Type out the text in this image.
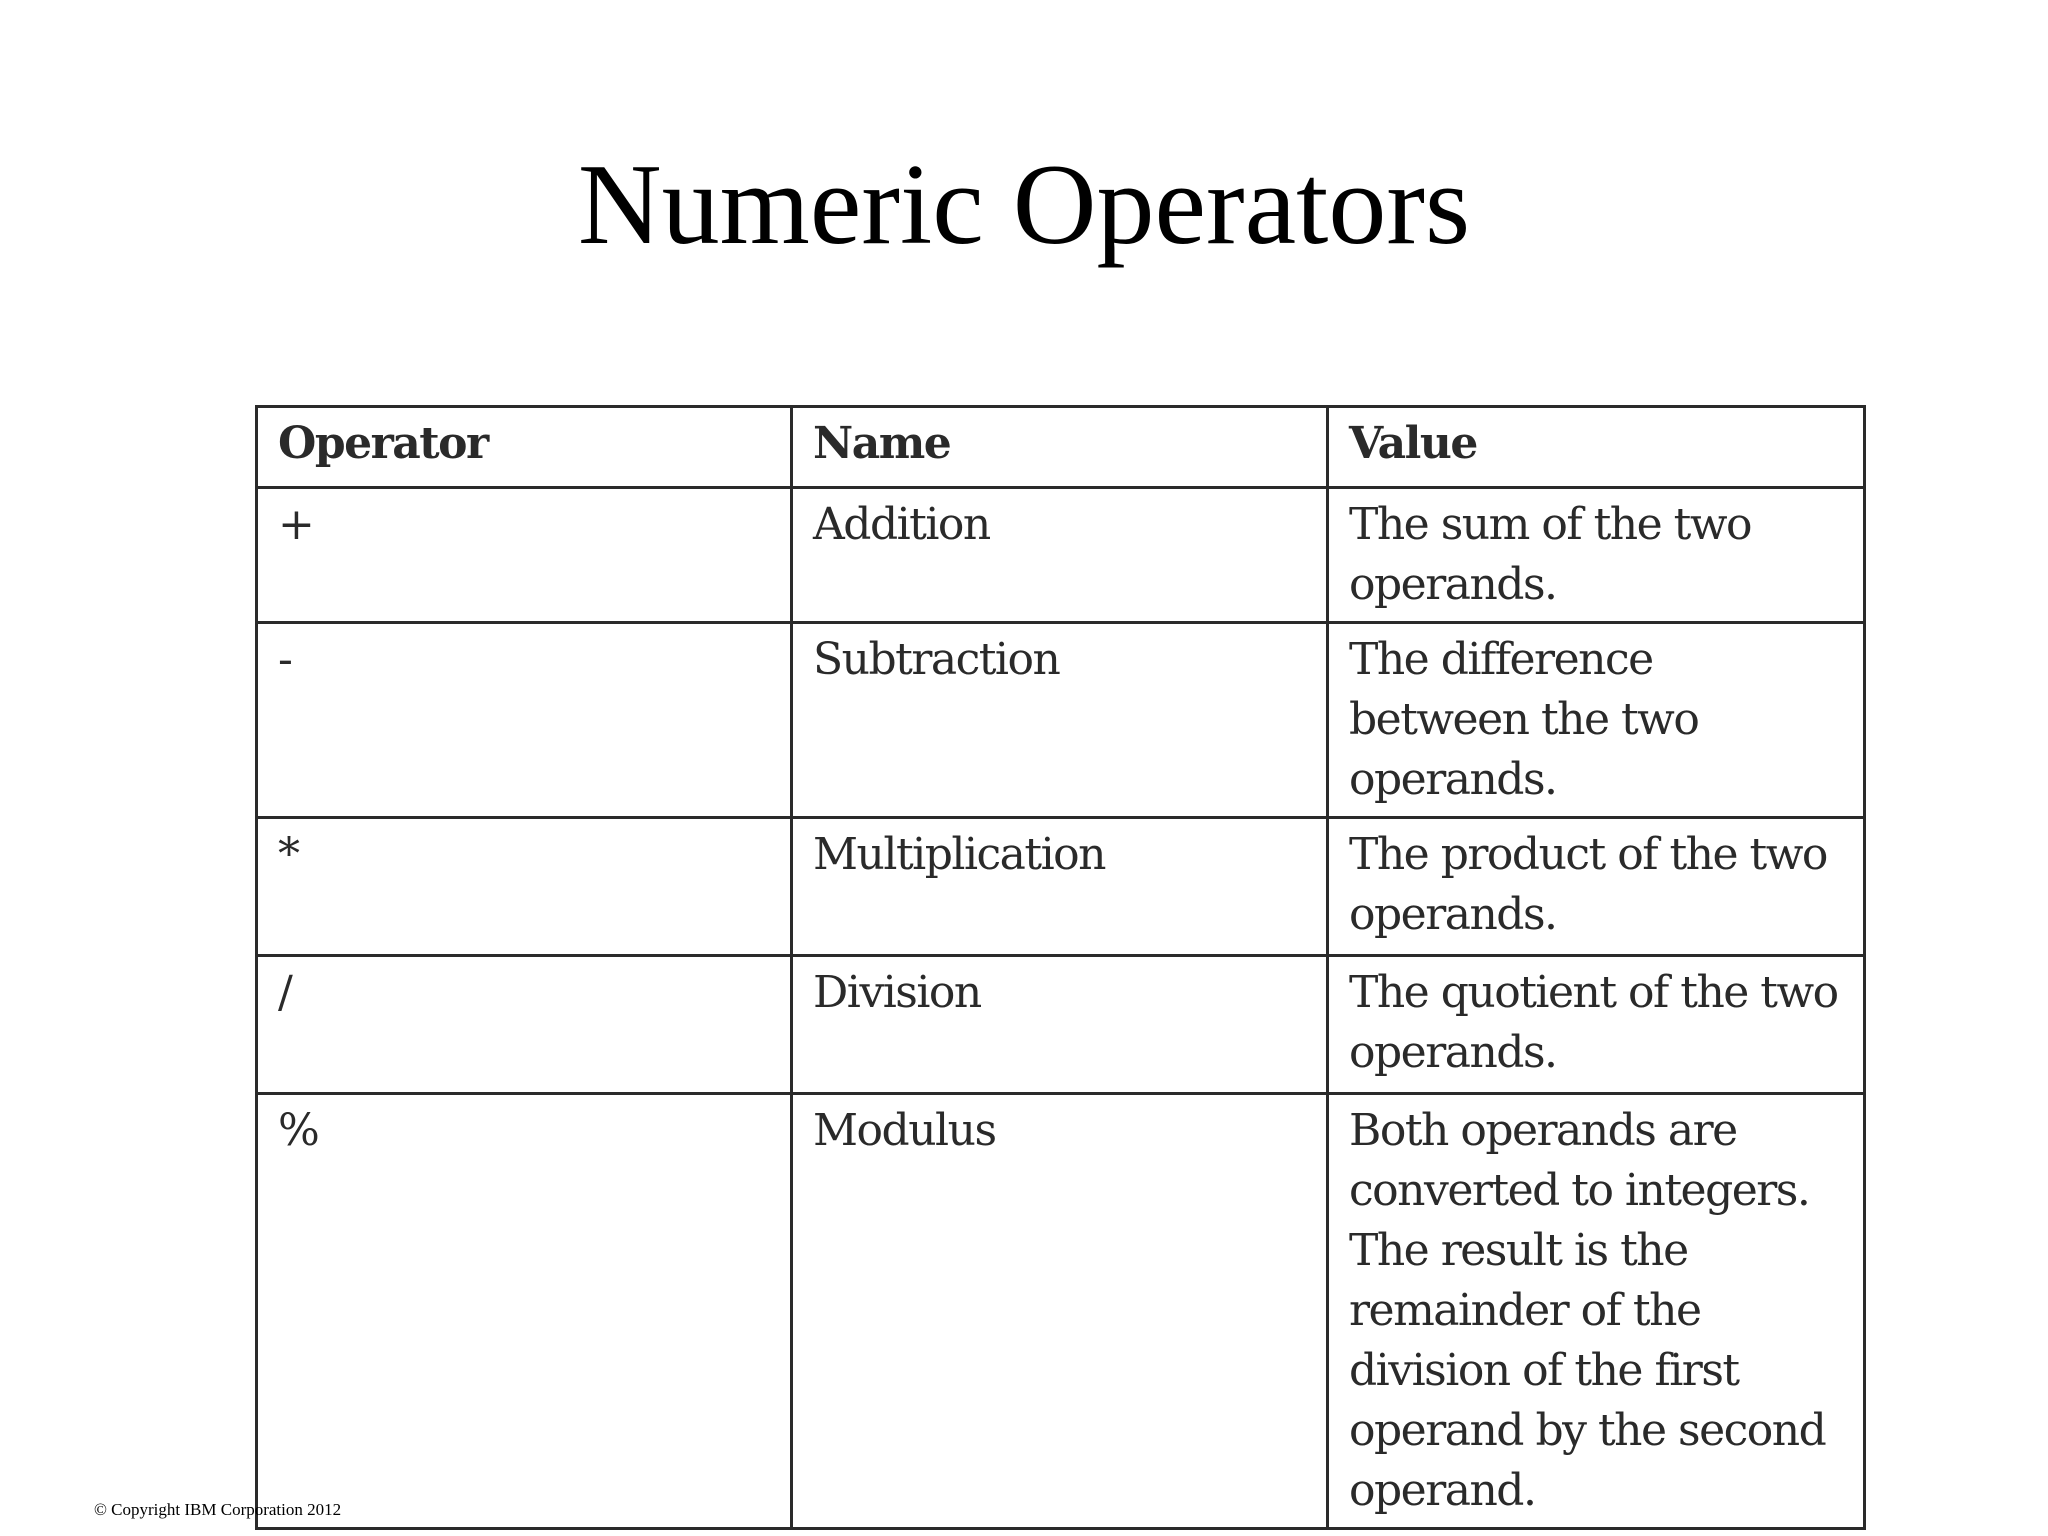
Numeric Operators
Operator	Name	Value
+	Addition	The sum of the two operands.
-	Subtraction	The difference between the two operands.
*	Multiplication	The product of the two operands.
/	Division	The quotient of the two operands.
%	Modulus	Both operands are converted to integers. The result is the remainder of the division of the first operand by the second operand.
© Copyright IBM Corporation 2012
